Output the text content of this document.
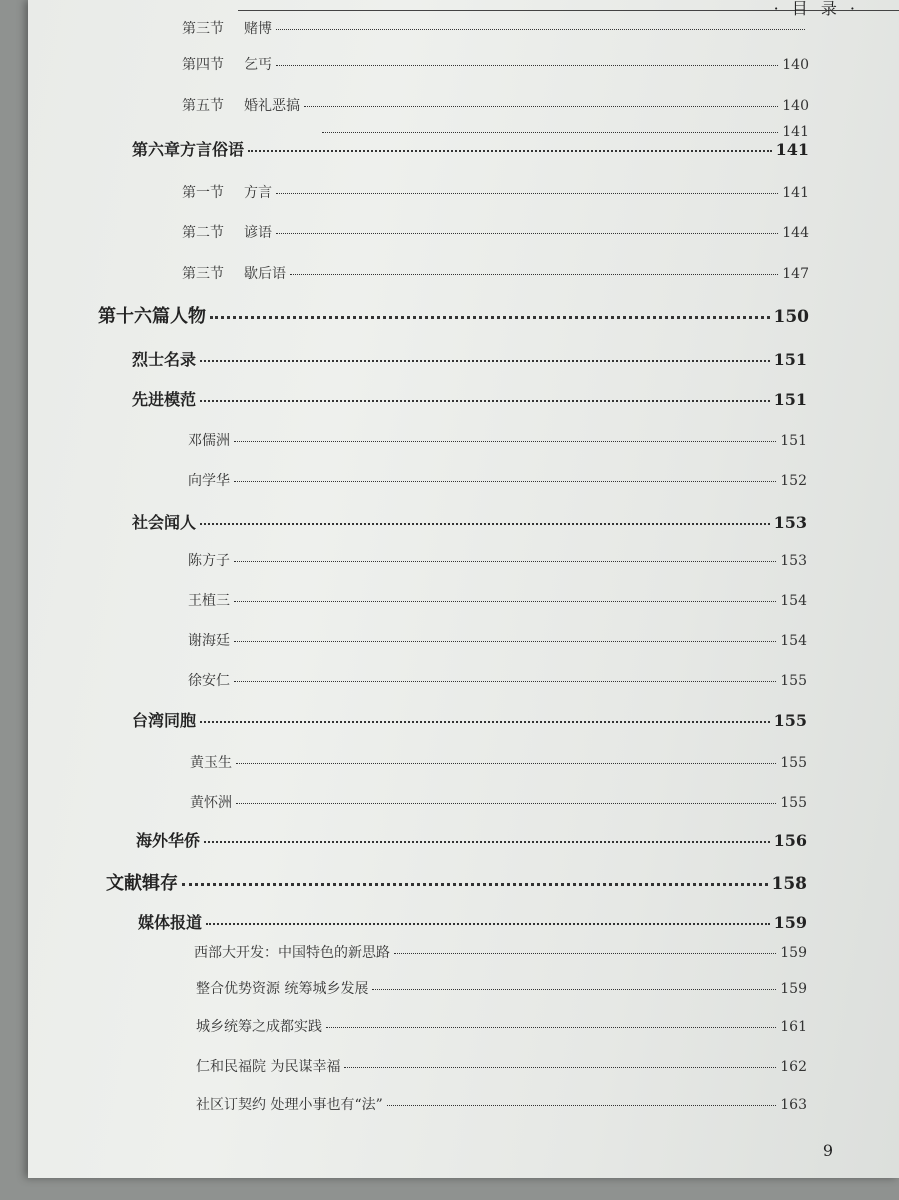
· 目 录 ·
第三节 赌博
第四节 乞丐	140
第五节 婚礼恶搞	140
141
第六章方言俗语	141
第一节 方言	141
第二节 谚语	144
第三节 歇后语	147
第十六篇人物	150
烈士名录	151
先进模范	151
邓儒洲	151
向学华	152
社会闻人	153
陈方子	153
王植三	154
谢海廷	154
徐安仁	155
台湾同胞	155
黄玉生	155
黄怀洲	155
海外华侨	156
文献辑存	158
媒体报道	159
西部大开发：中国特色的新思路	159
整合优势资源 统筹城乡发展	159
城乡统筹之成都实践	161
仁和民福院 为民谋幸福	162
社区订契约 处理小事也有“法”	163
9
